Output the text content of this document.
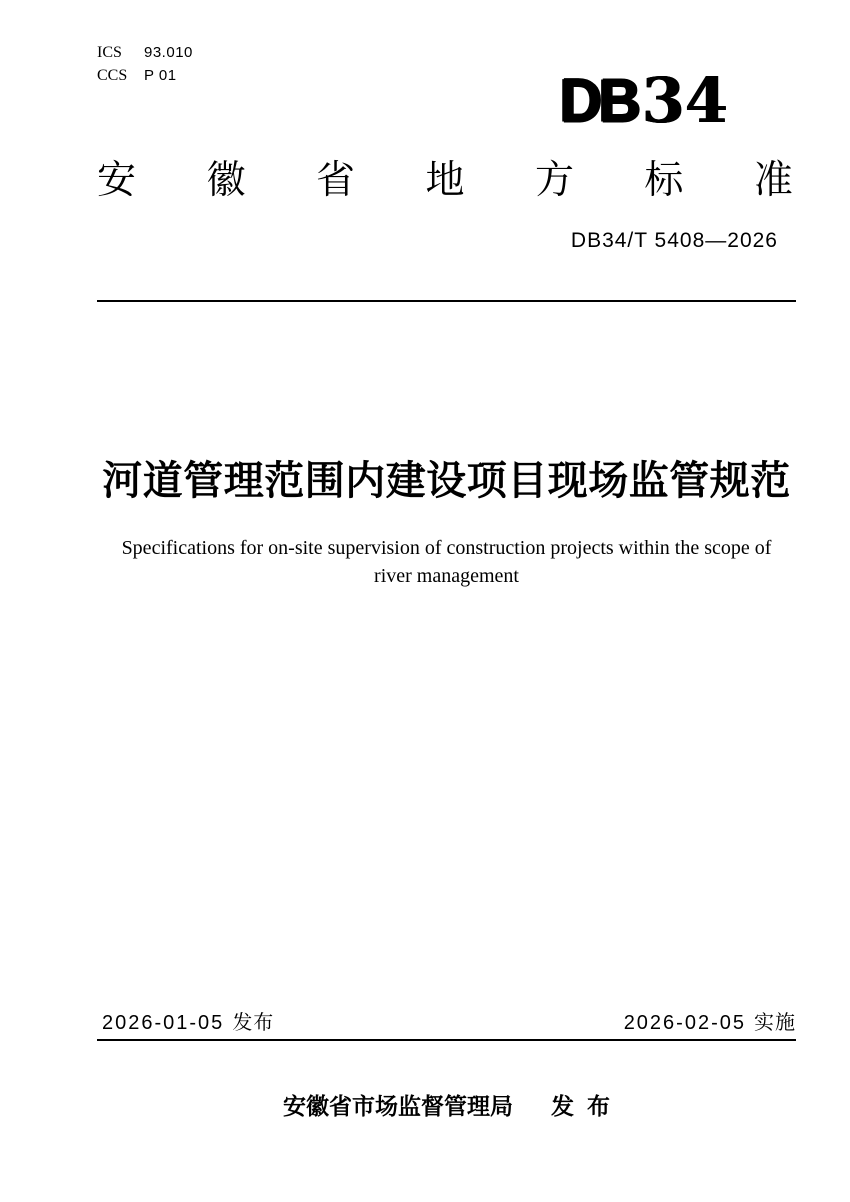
ICS 93.010
CCS P 01	DB34
安 徽 省 地 方 标 准
DB34/T 5408—2026
河道管理范围内建设项目现场监管规范
Specifications for on-site supervision of construction projects within the scope of
river management
2026-01-05 发布	2026-02-05 实施
安徽省市场监督管理局 发 布
